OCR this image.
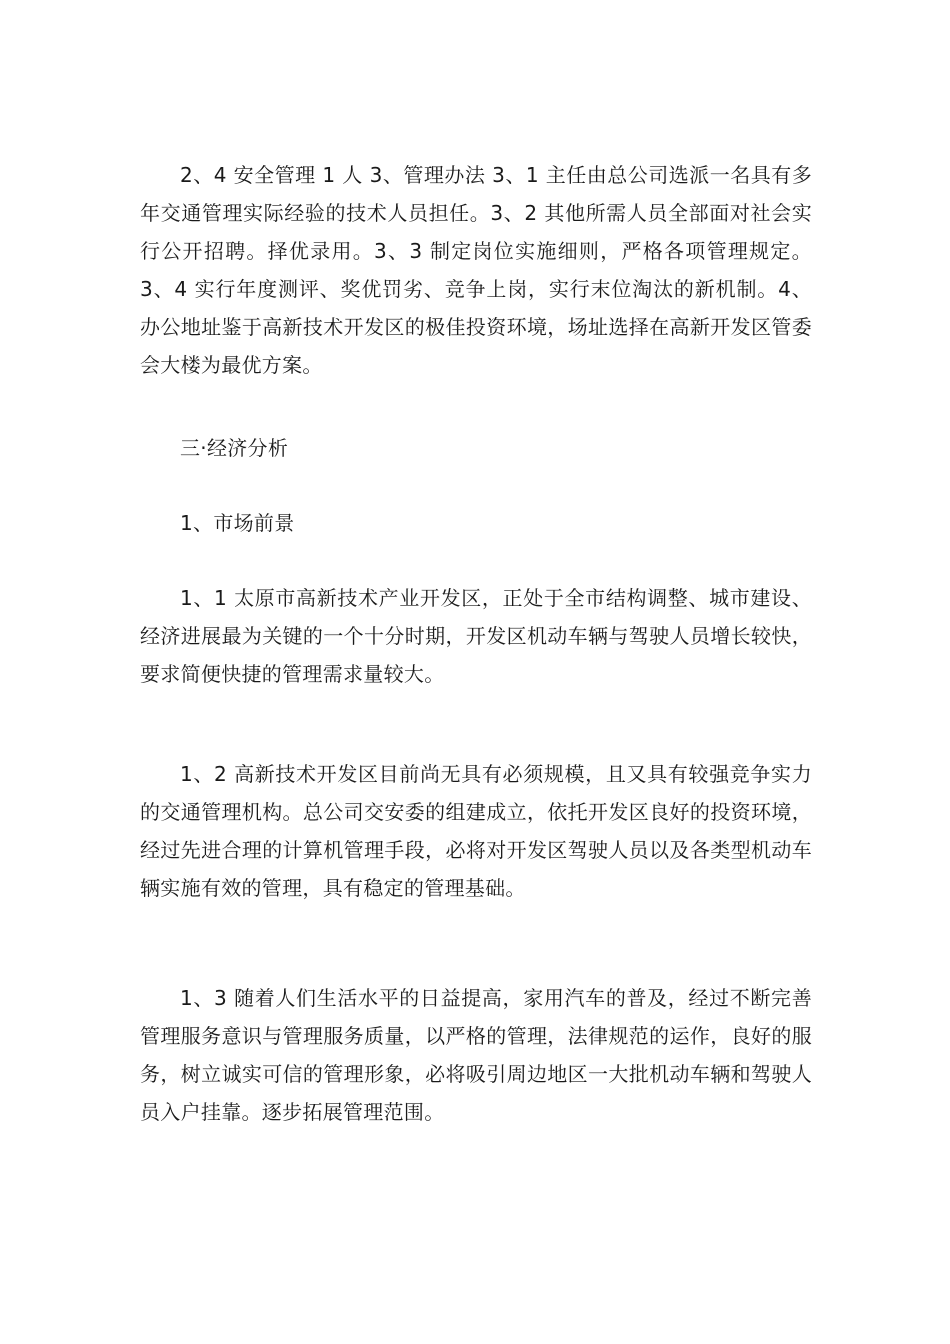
2、4 安全管理 1 人 3、管理办法 3、1 主任由总公司选派一名具有多年交通管理实际经验的技术人员担任。3、2 其他所需人员全部面对社会实行公开招聘。择优录用。3、3 制定岗位实施细则，严格各项管理规定。3、4 实行年度测评、奖优罚劣、竞争上岗，实行末位淘汰的新机制。4、办公地址鉴于高新技术开发区的极佳投资环境，场址选择在高新开发区管委会大楼为最优方案。

三·经济分析

1、市场前景

1、1 太原市高新技术产业开发区，正处于全市结构调整、城市建设、经济进展最为关键的一个十分时期，开发区机动车辆与驾驶人员增长较快，要求简便快捷的管理需求量较大。

1、2 高新技术开发区目前尚无具有必须规模，且又具有较强竞争实力的交通管理机构。总公司交安委的组建成立，依托开发区良好的投资环境，经过先进合理的计算机管理手段，必将对开发区驾驶人员以及各类型机动车辆实施有效的管理，具有稳定的管理基础。

1、3 随着人们生活水平的日益提高，家用汽车的普及，经过不断完善管理服务意识与管理服务质量，以严格的管理，法律规范的运作，良好的服务，树立诚实可信的管理形象，必将吸引周边地区一大批机动车辆和驾驶人员入户挂靠。逐步拓展管理范围。
